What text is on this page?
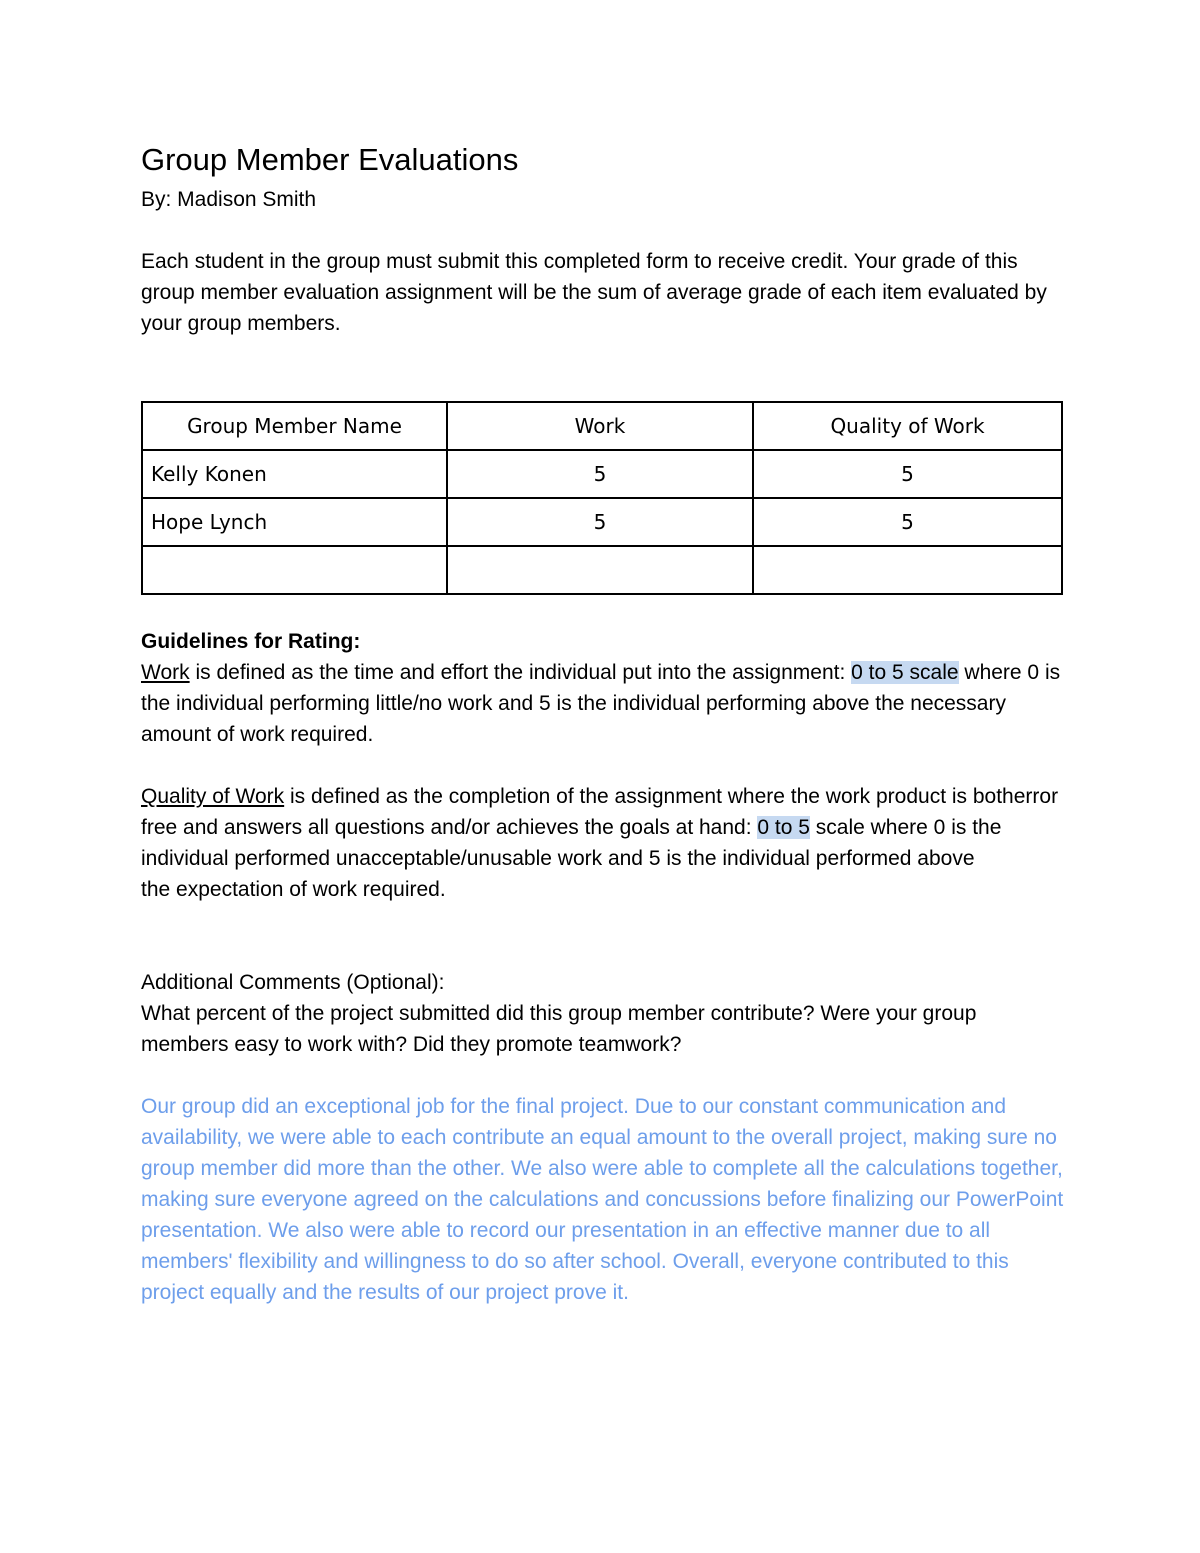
Group Member Evaluations
By: Madison Smith
Each student in the group must submit this completed form to receive credit. Your grade of this group member evaluation assignment will be the sum of average grade of each item evaluated by your group members.
Group Member Name	Work	Quality of Work
Kelly Konen	5	5
Hope Lynch	5	5

Guidelines for Rating:
Work is defined as the time and effort the individual put into the assignment: 0 to 5 scale where 0 is the individual performing little/no work and 5 is the individual performing above the necessary amount of work required.
Quality of Work is defined as the completion of the assignment where the work product is botherror free and answers all questions and/or achieves the goals at hand: 0 to 5 scale where 0 is the individual performed unacceptable/unusable work and 5 is the individual performed above
the expectation of work required.
Additional Comments (Optional):
What percent of the project submitted did this group member contribute? Were your group members easy to work with? Did they promote teamwork?
Our group did an exceptional job for the final project. Due to our constant communication and availability, we were able to each contribute an equal amount to the overall project, making sure no group member did more than the other. We also were able to complete all the calculations together, making sure everyone agreed on the calculations and concussions before finalizing our PowerPoint presentation. We also were able to record our presentation in an effective manner due to all members' flexibility and willingness to do so after school. Overall, everyone contributed to this project equally and the results of our project prove it.
